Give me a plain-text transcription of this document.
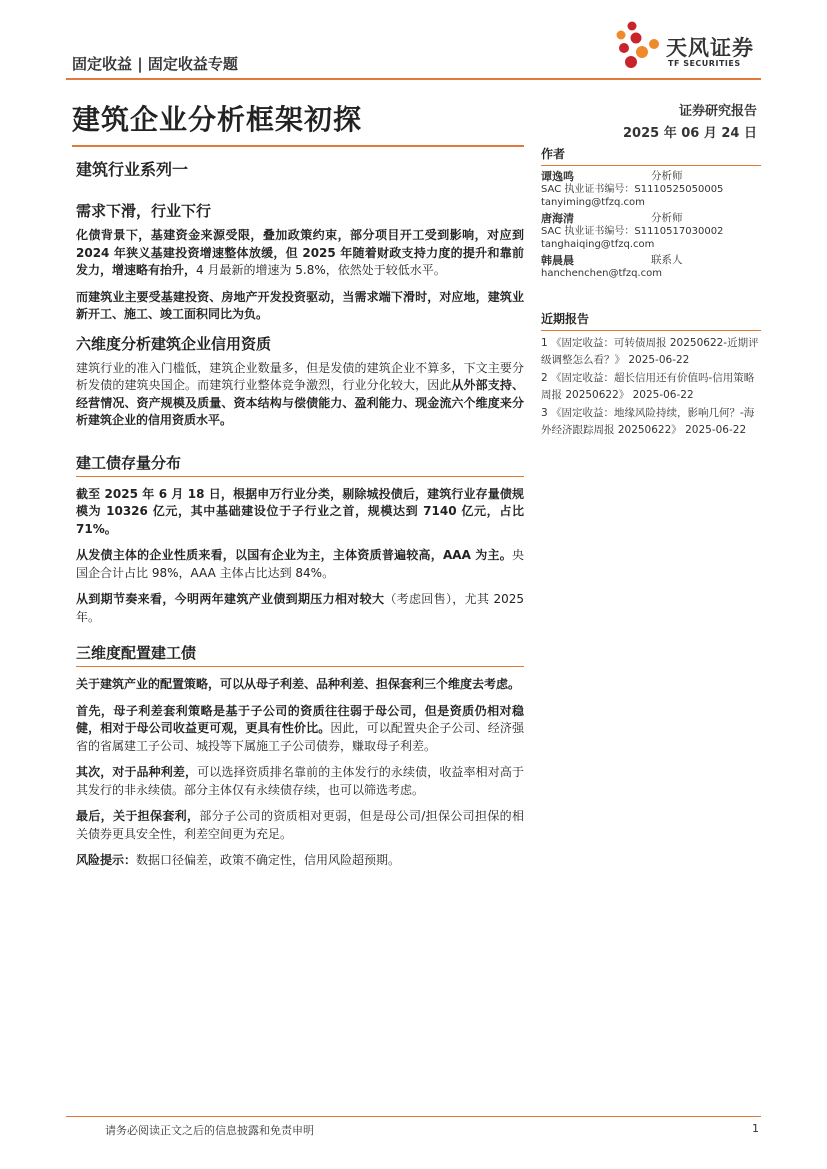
固定收益 | 固定收益专题
天风证券
TF SECURITIES
建筑企业分析框架初探	证券研究报告
2025 年 06 月 24 日
建筑行业系列一
需求下滑，行业下行

化债背景下，基建资金来源受限，叠加政策约束，部分项目开工受到影响，对应到 2024 年狭义基建投资增速整体放缓，但 2025 年随着财政支持力度的提升和靠前发力，增速略有抬升，4 月最新的增速为 5.8%，依然处于较低水平。

而建筑业主要受基建投资、房地产开发投资驱动，当需求端下滑时，对应地，建筑业新开工、施工、竣工面积同比为负。

六维度分析建筑企业信用资质

建筑行业的准入门槛低，建筑企业数量多，但是发债的建筑企业不算多，下文主要分析发债的建筑央国企。而建筑行业整体竞争激烈，行业分化较大，因此从外部支持、经营情况、资产规模及质量、资本结构与偿债能力、盈利能力、现金流六个维度来分析建筑企业的信用资质水平。

建工债存量分布

截至 2025 年 6 月 18 日，根据申万行业分类，剔除城投债后，建筑行业存量债规模为 10326 亿元，其中基础建设位于子行业之首，规模达到 7140 亿元，占比 71%。

从发债主体的企业性质来看，以国有企业为主，主体资质普遍较高，AAA 为主。央国企合计占比 98%，AAA 主体占比达到 84%。

从到期节奏来看，今明两年建筑产业债到期压力相对较大（考虑回售），尤其 2025 年。

三维度配置建工债

关于建筑产业的配置策略，可以从母子利差、品种利差、担保套利三个维度去考虑。

首先，母子利差套利策略是基于子公司的资质往往弱于母公司，但是资质仍相对稳健，相对于母公司收益更可观，更具有性价比。因此，可以配置央企子公司、经济强省的省属建工子公司、城投等下属施工子公司债券，赚取母子利差。

其次，对于品种利差，可以选择资质排名靠前的主体发行的永续债，收益率相对高于其发行的非永续债。部分主体仅有永续债存续，也可以筛选考虑。

最后，关于担保套利，部分子公司的资质相对更弱，但是母公司/担保公司担保的相关债券更具安全性，利差空间更为充足。

风险提示：数据口径偏差，政策不确定性，信用风险超预期。

作者
谭逸鸣	分析师
SAC 执业证书编号：S1110525050005
tanyiming@tfzq.com
唐海清	分析师
SAC 执业证书编号：S1110517030002
tanghaiqing@tfzq.com
韩晨晨	联系人
hanchenchen@tfzq.com
近期报告
1 《固定收益：可转债周报 20250622-近期评级调整怎么看？》 2025-06-22
2 《固定收益：超长信用还有价值吗-信用策略周报 20250622》 2025-06-22
3 《固定收益：地缘风险持续，影响几何？-海外经济跟踪周报 20250622》 2025-06-22
请务必阅读正文之后的信息披露和免责申明	1
